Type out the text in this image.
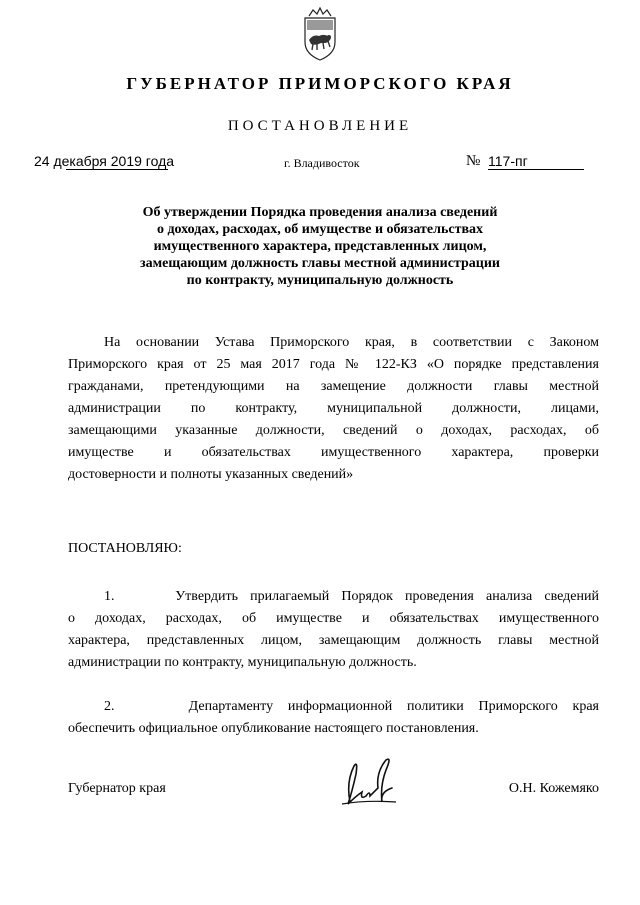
ГУБЕРНАТОР ПРИМОРСКОГО КРАЯ
ПОСТАНОВЛЕНИЕ
24 декабря 2019 года	г. Владивосток	№ 117-пг
Об утверждении Порядка проведения анализа сведений
о доходах, расходах, об имуществе и обязательствах
имущественного характера, представленных лицом,
замещающим должность главы местной администрации
по контракту, муниципальную должность
На основании Устава Приморского края, в соответствии с Законом
Приморского края от 25 мая 2017 года № 122-КЗ «О порядке представления
гражданами, претендующими на замещение должности главы местной
администрации по контракту, муниципальной должности, лицами,
замещающими указанные должности, сведений о доходах, расходах, об
имуществе и обязательствах имущественного характера, проверки
достоверности и полноты указанных сведений»
ПОСТАНОВЛЯЮ:
1.     Утвердить прилагаемый Порядок проведения анализа сведений
о доходах, расходах, об имуществе и обязательствах имущественного
характера, представленных лицом, замещающим должность главы местной
администрации по контракту, муниципальную должность.
2.     Департаменту информационной политики Приморского края
обеспечить официальное опубликование настоящего постановления.
Губернатор края	О.Н. Кожемяко
